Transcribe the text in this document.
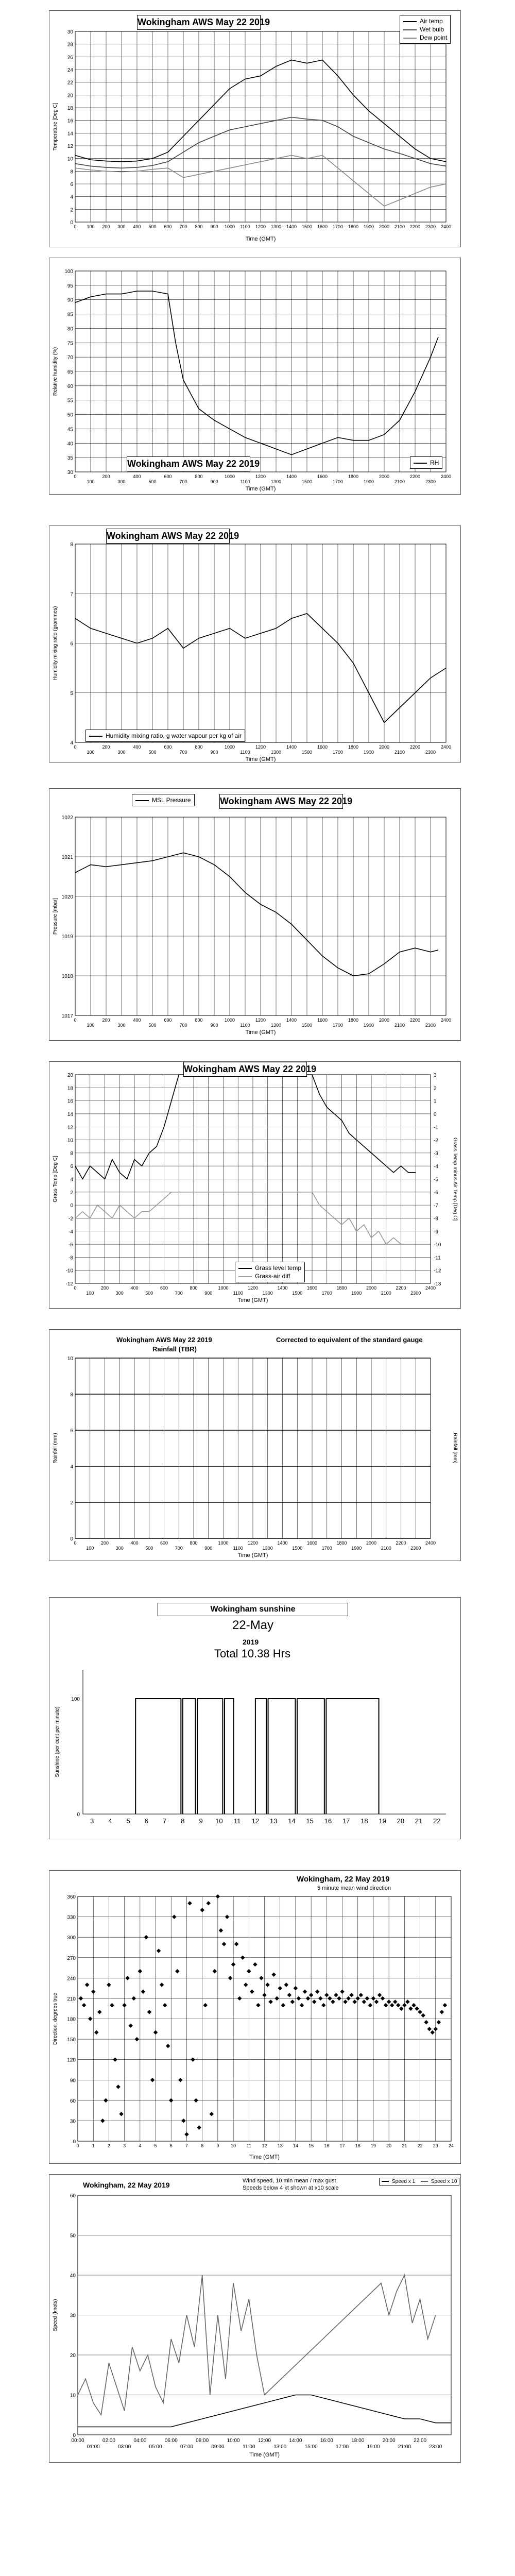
0
2
4
6
8
10
12
14
16
18
20
22
24
26
28
30
0 100 200 300 400 500 600 700 800 900 1000 1100 1200 1300 1400 1500 1600 1700 1800 1900 2000 2100 2200 2300 2400
Temperature [Deg C]
Time (GMT)
Wokingham AWS May 22 2019	Air temp
Wet bulb
Dew point
30
35
40
45
50
55
60
65
70
75
80
85
90
95
100
0
100
200
300
400
500
600
700
800
900
1000
1100
1200
1300
1400
1500
1600
1700
1800
1900
2000
2100
2200
2300
2400
Relative humidity (%)
Time (GMT)
Wokingham AWS May 22 2019	RH
4
5
6
7
8
0
100
200
300
400
500
600
700
800
900
1000
1100
1200
1300
1400
1500
1600
1700
1800
1900
2000
2100
2200
2300
2400
Humidity mixing ratio (grammes)
Time (GMT)
Wokingham AWS May 22 2019
Humidity mixing ratio, g water vapour per kg of air
1017
1018
1019
1020
1021
1022
0
100
200
300
400
500
600
700
800
900
1000
1100
1200
1300
1400
1500
1600
1700
1800
1900
2000
2100
2200
2300
2400
Pressure [mbar]
Time (GMT)
MSL Pressure	Wokingham AWS May 22 2019
-12
-10
-8
-6
-4
-2
0
2
4
6
8
10
12
14
16
18
20
0
100
200
300
400
500
600
700
800
900
1000
1100
1200
1300
1400
1500
1600
1700
1800
1900
2000
2100
2200
2300
2400
3
2
1
0
-1
-2
-3
-4
-5
-6
-7
-8
-9
-10
-11
-12
-13
Grass Temp [Deg C]	Grass Temp minus Air Temp [Deg C]
Time (GMT)
Wokingham AWS May 22 2019
Grass level temp
Grass-air diff
0
2
4
6
8
10
0
100
200
300
400
500
600
700
800
900
1000
1100
1200
1300
1400
1500
1600
1700
1800
1900
2000
2100
2200
2300
2400
Rainfall (mm)	Rainfall (mm)
Time (GMT)
Wokingham AWS May 22 2019
Rainfall (TBR)
Corrected to equivalent of the standard gauge
0
100
3 4 5 6 7 8 9 10 11 12 13 14 15 16 17 18 19 20 21 22
Sunshine (per cent per minute)
Wokingham sunshine
22-May
2019
Total 10.38 Hrs
0
30
60
90
120
150
180
210
240
270
300
330
360
0	1	2	3	4	5	6	7	8	9	10 11 12 13 14 15 16 17 18 19 20 21 22 23 24
Direction, degrees true
Time (GMT)
Wokingham, 22 May 2019
5 minute mean wind direction
0
10
20
30
40
50
60
Speed (knots)
00:00	02:00	04:00	06:00	08:00	10:00	12:00	14:00	16:00	18:00	20:00	22:00
01:00	03:00	05:00	07:00	09:00	11:00	13:00	15:00	17:00	19:00	21:00	23:00
Time (GMT)
Wokingham, 22 May 2019	Wind speed, 10 min mean / max gust
Speeds below 4 kt shown at x10 scale
Speed x 1	Speed x 10
